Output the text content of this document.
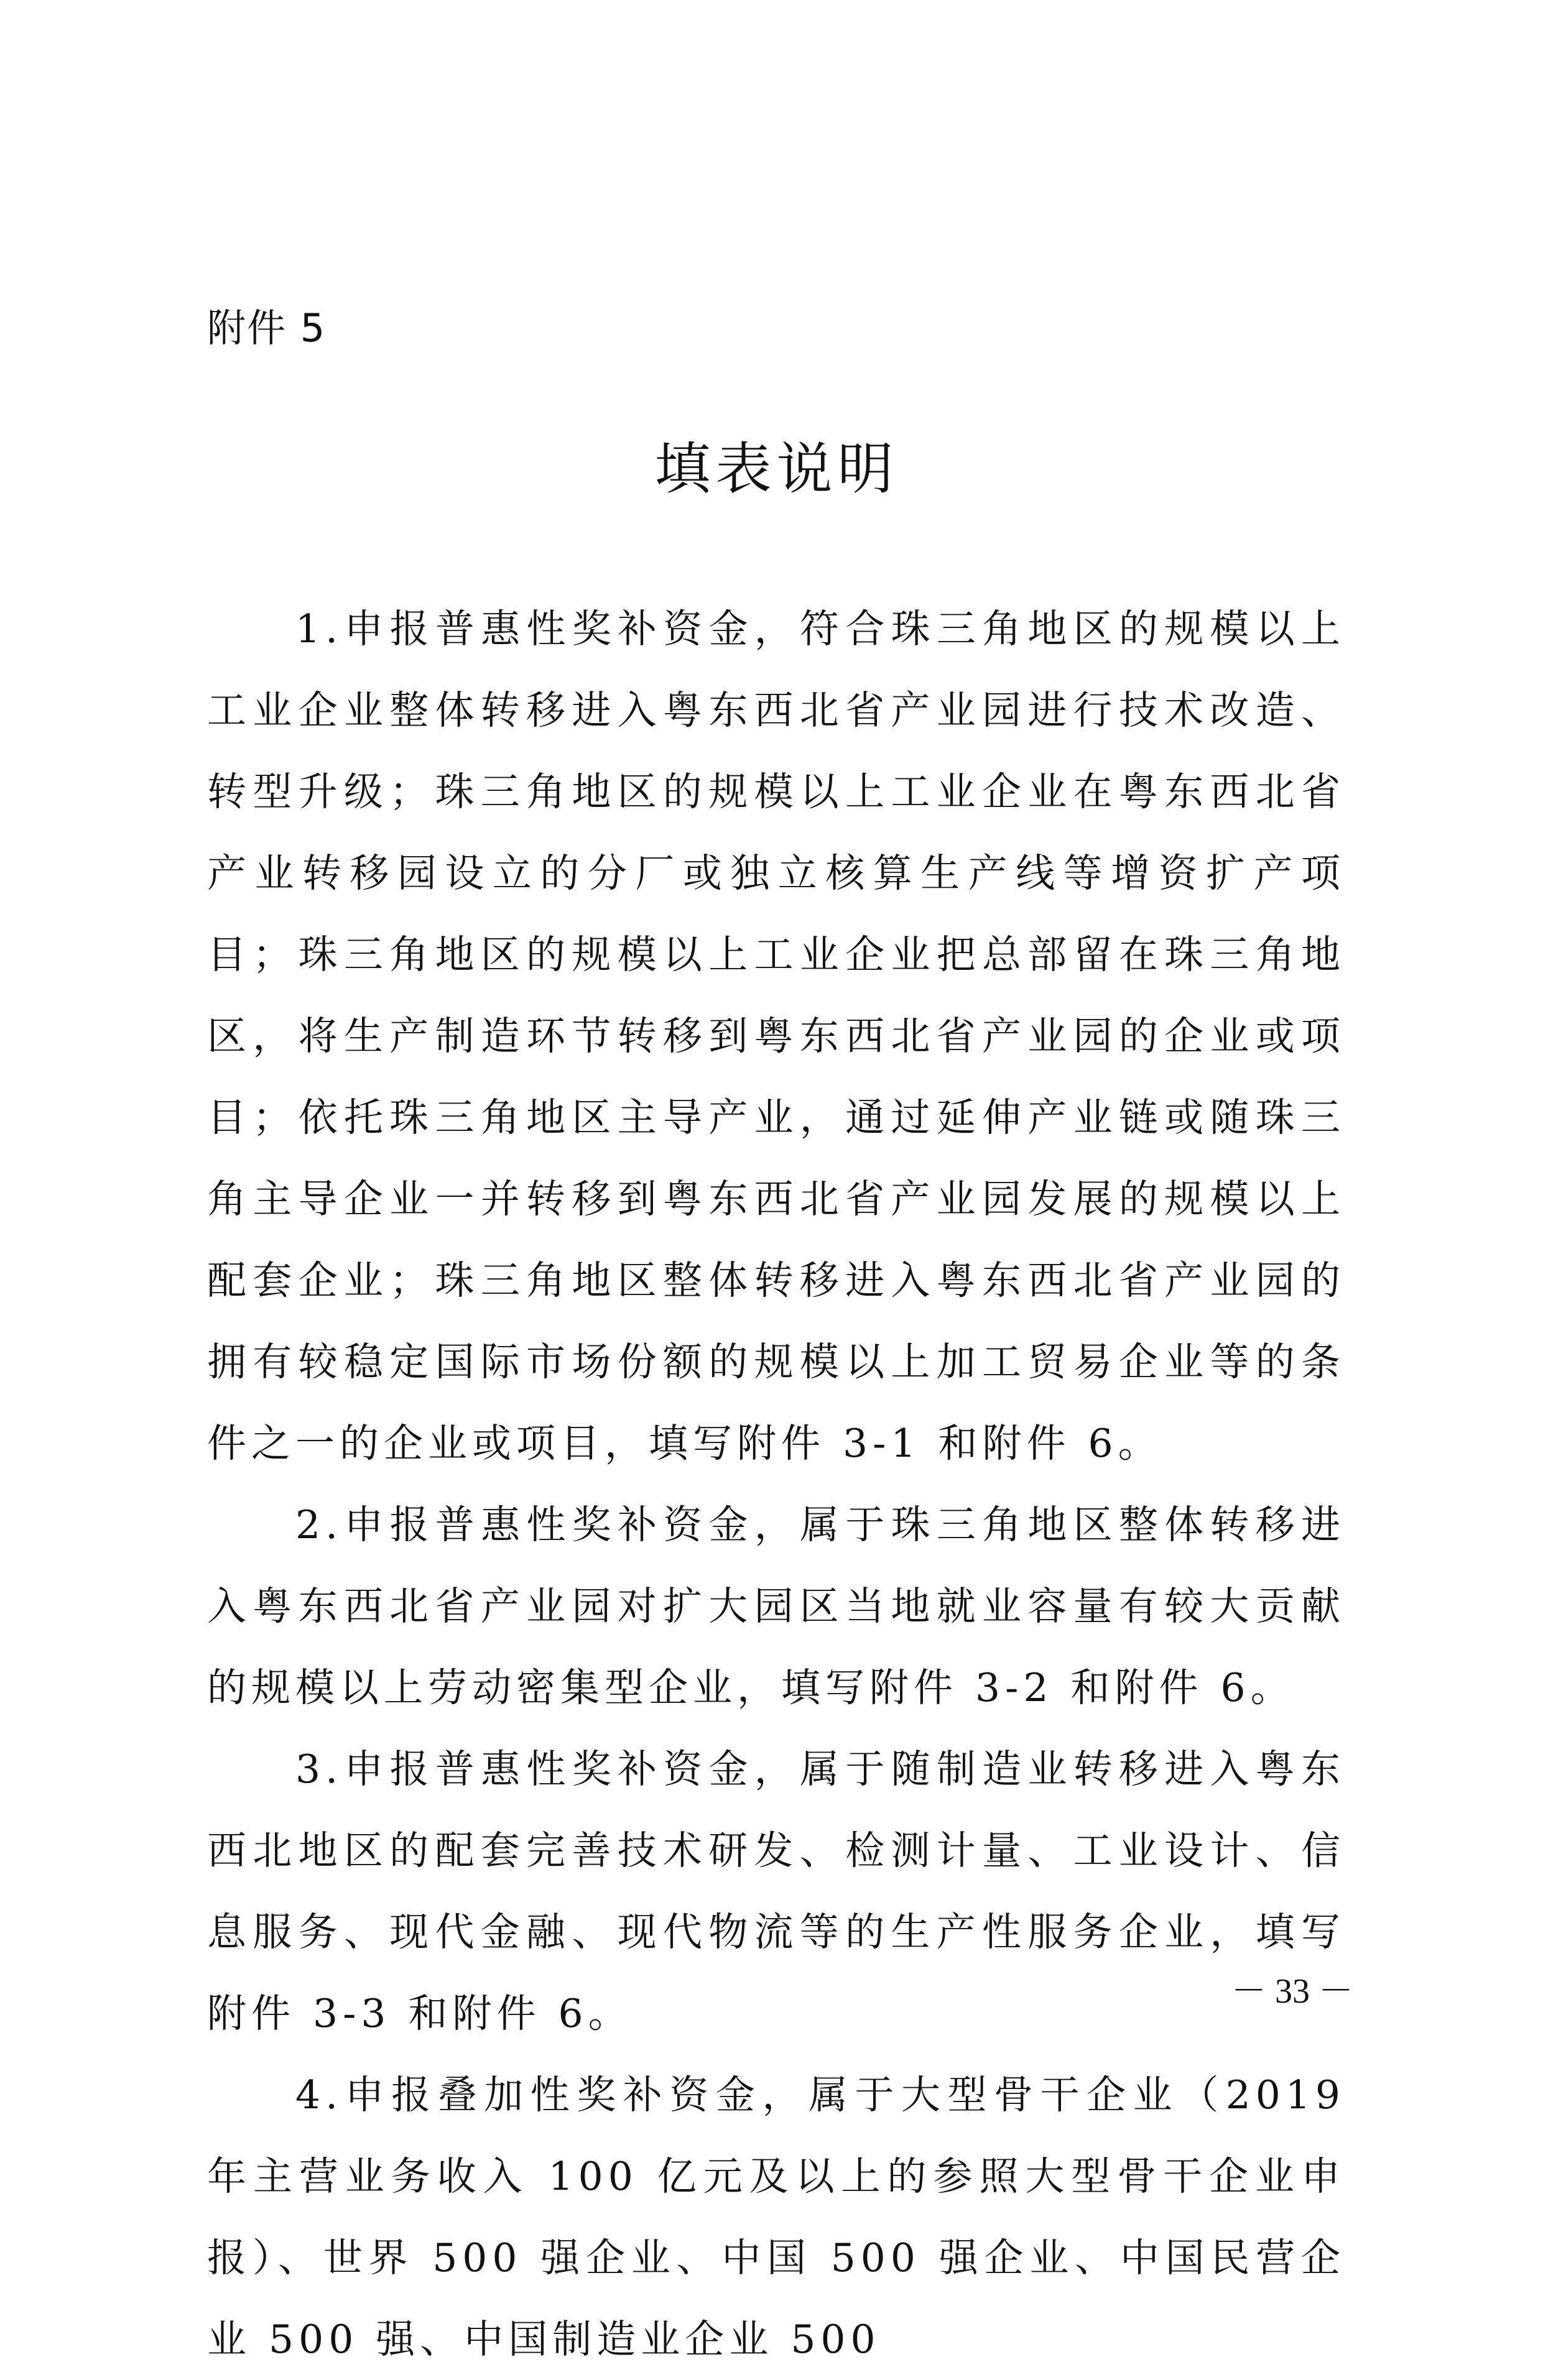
附件 5
填表说明

1.申报普惠性奖补资金，符合珠三角地区的规模以上工业企业整体转移进入粤东西北省产业园进行技术改造、转型升级；珠三角地区的规模以上工业企业在粤东西北省产业转移园设立的分厂或独立核算生产线等增资扩产项目；珠三角地区的规模以上工业企业把总部留在珠三角地区，将生产制造环节转移到粤东西北省产业园的企业或项目；依托珠三角地区主导产业，通过延伸产业链或随珠三角主导企业一并转移到粤东西北省产业园发展的规模以上配套企业；珠三角地区整体转移进入粤东西北省产业园的拥有较稳定国际市场份额的规模以上加工贸易企业等的条件之一的企业或项目，填写附件 3-1 和附件 6。

2.申报普惠性奖补资金，属于珠三角地区整体转移进入粤东西北省产业园对扩大园区当地就业容量有较大贡献的规模以上劳动密集型企业，填写附件 3-2 和附件 6。

3.申报普惠性奖补资金，属于随制造业转移进入粤东西北地区的配套完善技术研发、检测计量、工业设计、信息服务、现代金融、现代物流等的生产性服务企业，填写附件 3-3 和附件 6。

4.申报叠加性奖补资金，属于大型骨干企业（2019 年主营业务收入 100 亿元及以上的参照大型骨干企业申报）、世界 500 强企业、中国 500 强企业、中国民营企业 500 强、中国制造业企业 500

－ 33 －
